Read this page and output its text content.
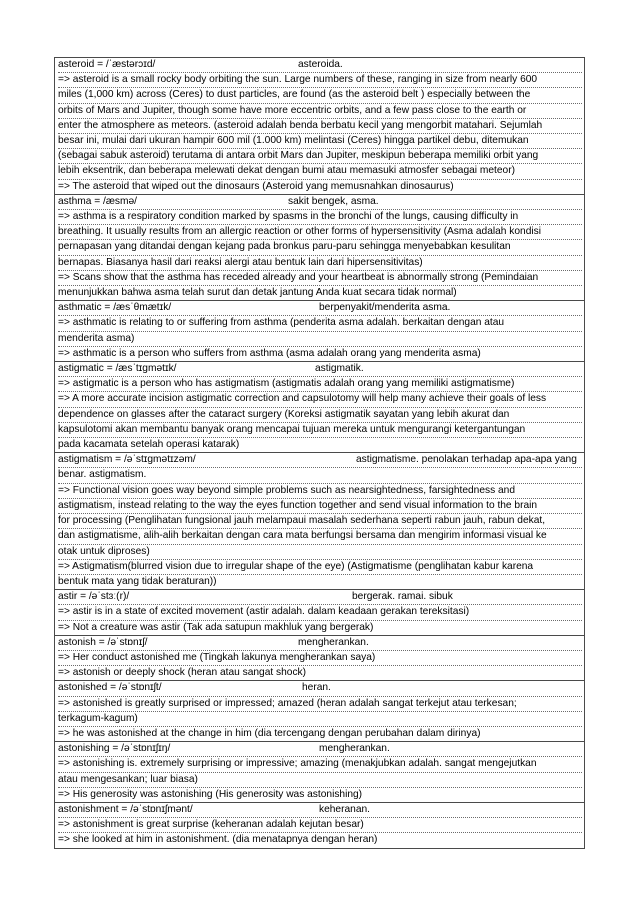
asteroid = /ˈæstərɔɪd/	asteroida.
=> asteroid is a small rocky body orbiting the sun. Large numbers of these, ranging in size from nearly 600
miles (1,000 km) across (Ceres) to dust particles, are found (as the asteroid belt ) especially between the
orbits of Mars and Jupiter, though some have more eccentric orbits, and a few pass close to the earth or
enter the atmosphere as meteors. (asteroid adalah benda berbatu kecil yang mengorbit matahari. Sejumlah
besar ini, mulai dari ukuran hampir 600 mil (1.000 km) melintasi (Ceres) hingga partikel debu, ditemukan
(sebagai sabuk asteroid) terutama di antara orbit Mars dan Jupiter, meskipun beberapa memiliki orbit yang
lebih eksentrik, dan beberapa melewati dekat dengan bumi atau memasuki atmosfer sebagai meteor)
=> The asteroid that wiped out the dinosaurs (Asteroid yang memusnahkan dinosaurus)
asthma = /æsmə/	sakit bengek, asma.
=> asthma is a respiratory condition marked by spasms in the bronchi of the lungs, causing difficulty in
breathing. It usually results from an allergic reaction or other forms of hypersensitivity (Asma adalah kondisi
pernapasan yang ditandai dengan kejang pada bronkus paru-paru sehingga menyebabkan kesulitan
bernapas. Biasanya hasil dari reaksi alergi atau bentuk lain dari hipersensitivitas)
=> Scans show that the asthma has receded already and your heartbeat is abnormally strong (Pemindaian
menunjukkan bahwa asma telah surut dan detak jantung Anda kuat secara tidak normal)
asthmatic = /æsˈθmætɪk/	berpenyakit/menderita asma.
=> asthmatic is relating to or suffering from asthma (penderita asma adalah. berkaitan dengan atau
menderita asma)
=> asthmatic is a person who suffers from asthma (asma adalah orang yang menderita asma)
astigmatic = /æsˈtɪgmətɪk/	astigmatik.
=> astigmatic is a person who has astigmatism (astigmatis adalah orang yang memiliki astigmatisme)
=> A more accurate incision astigmatic correction and capsulotomy will help many achieve their goals of less
dependence on glasses after the cataract surgery (Koreksi astigmatik sayatan yang lebih akurat dan
kapsulotomi akan membantu banyak orang mencapai tujuan mereka untuk mengurangi ketergantungan
pada kacamata setelah operasi katarak)
astigmatism = /əˈstɪgmətɪzəm/	astigmatisme. penolakan terhadap apa-apa yang
benar. astigmatism.
=> Functional vision goes way beyond simple problems such as nearsightedness, farsightedness and
astigmatism, instead relating to the way the eyes function together and send visual information to the brain
for processing (Penglihatan fungsional jauh melampaui masalah sederhana seperti rabun jauh, rabun dekat,
dan astigmatisme, alih-alih berkaitan dengan cara mata berfungsi bersama dan mengirim informasi visual ke
otak untuk diproses)
=> Astigmatism(blurred vision due to irregular shape of the eye) (Astigmatisme (penglihatan kabur karena
bentuk mata yang tidak beraturan))
astir = /əˈstɜː(r)/	bergerak. ramai. sibuk
=> astir is in a state of excited movement (astir adalah. dalam keadaan gerakan tereksitasi)
=> Not a creature was astir (Tak ada satupun makhluk yang bergerak)
astonish = /əˈstɒnɪʃ/	mengherankan.
=> Her conduct astonished me (Tingkah lakunya mengherankan saya)
=> astonish or deeply shock (heran atau sangat shock)
astonished = /əˈstɒnɪʃt/	heran.
=> astonished is greatly surprised or impressed; amazed (heran adalah sangat terkejut atau terkesan;
terkagum-kagum)
=> he was astonished at the change in him (dia tercengang dengan perubahan dalam dirinya)
astonishing = /əˈstɒnɪʃɪŋ/	mengherankan.
=> astonishing is. extremely surprising or impressive; amazing (menakjubkan adalah. sangat mengejutkan
atau mengesankan; luar biasa)
=> His generosity was astonishing (His generosity was astonishing)
astonishment = /əˈstɒnɪʃmənt/	keheranan.
=> astonishment is great surprise (keheranan adalah kejutan besar)
=> she looked at him in astonishment. (dia menatapnya dengan heran)
